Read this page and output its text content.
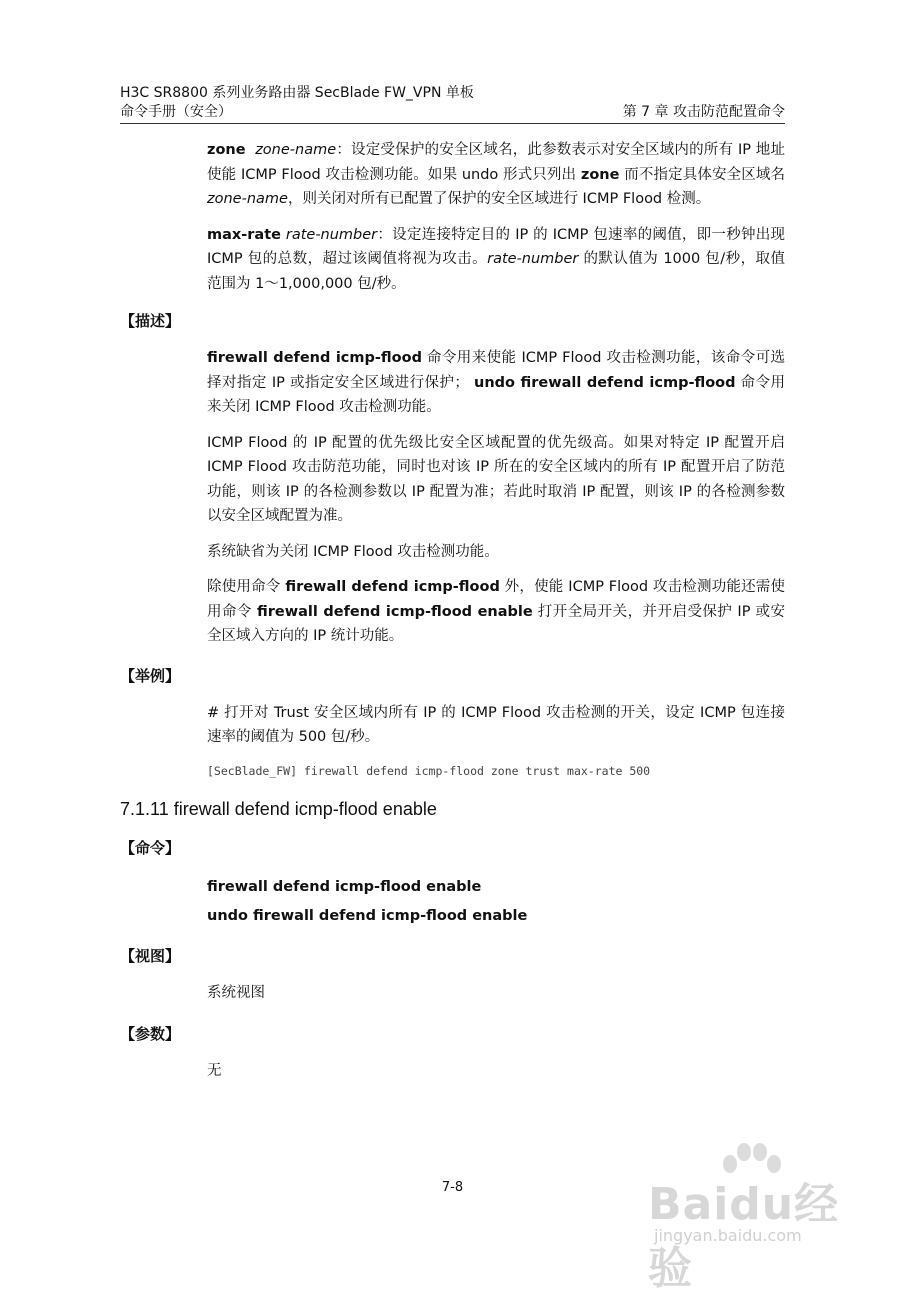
H3C SR8800 系列业务路由器 SecBlade FW_VPN 单板
命令手册（安全）	第 7 章 攻击防范配置命令

zone zone-name：设定受保护的安全区域名，此参数表示对安全区域内的所有 IP 地址使能 ICMP Flood 攻击检测功能。如果 undo 形式只列出 zone 而不指定具体安全区域名 zone-name，则关闭对所有已配置了保护的安全区域进行 ICMP Flood 检测。

max-rate rate-number：设定连接特定目的 IP 的 ICMP 包速率的阈值，即一秒钟出现 ICMP 包的总数，超过该阈值将视为攻击。rate-number 的默认值为 1000 包/秒，取值范围为 1～1,000,000 包/秒。

【描述】

firewall defend icmp-flood 命令用来使能 ICMP Flood 攻击检测功能，该命令可选择对指定 IP 或指定安全区域进行保护； undo firewall defend icmp-flood 命令用来关闭 ICMP Flood 攻击检测功能。

ICMP Flood 的 IP 配置的优先级比安全区域配置的优先级高。如果对特定 IP 配置开启 ICMP Flood 攻击防范功能，同时也对该 IP 所在的安全区域内的所有 IP 配置开启了防范功能，则该 IP 的各检测参数以 IP 配置为准；若此时取消 IP 配置，则该 IP 的各检测参数以安全区域配置为准。

系统缺省为关闭 ICMP Flood 攻击检测功能。

除使用命令 firewall defend icmp-flood 外，使能 ICMP Flood 攻击检测功能还需使用命令 firewall defend icmp-flood enable 打开全局开关，并开启受保护 IP 或安全区域入方向的 IP 统计功能。

【举例】

# 打开对 Trust 安全区域内所有 IP 的 ICMP Flood 攻击检测的开关，设定 ICMP 包连接速率的阈值为 500 包/秒。

[SecBlade_FW] firewall defend icmp-flood zone trust max-rate 500
7.1.11 firewall defend icmp-flood enable
【命令】
firewall defend icmp-flood enable
undo firewall defend icmp-flood enable
【视图】

系统视图

【参数】

无

7-8	Baidu经验
jingyan.baidu.com
